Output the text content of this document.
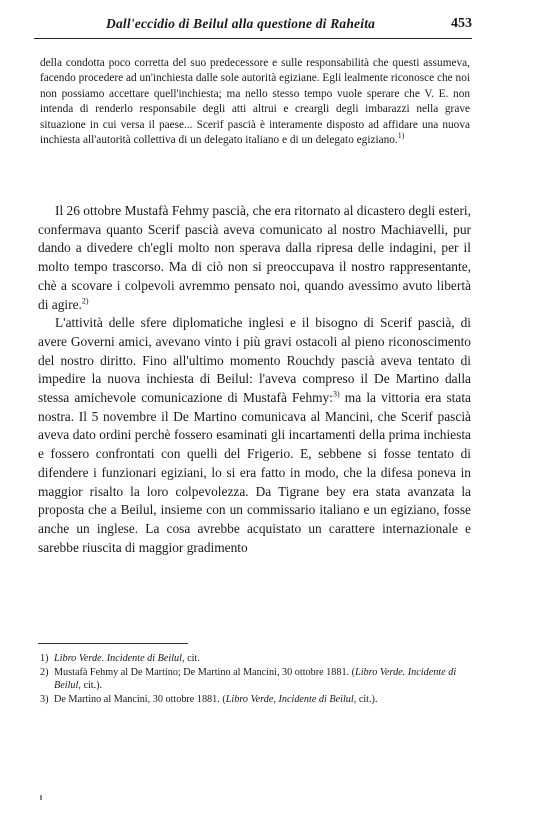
Dall'eccidio di Beilul alla questione di Raheita	453

della condotta poco corretta del suo predecessore e sulle responsabilità che questi assumeva, facendo procedere ad un'inchiesta dalle sole autorità egiziane. Egli lealmente riconosce che noi non possiamo accettare quell'inchiesta; ma nello stesso tempo vuole sperare che V. E. non intenda di renderlo responsabile degli atti altrui e creargli degli imbarazzi nella grave situazione in cui versa il paese... Scerif pascià è interamente disposto ad affidare una nuova inchiesta all'autorità collettiva di un delegato italiano e di un delegato egiziano.$^{1)}$

Il 26 ottobre Mustafà Fehmy pascià, che era ritornato al dicastero degli esteri, confermava quanto Scerif pascià aveva comunicato al nostro Machiavelli, pur dando a divedere ch'egli molto non sperava dalla ripresa delle indagini, per il molto tempo trascorso. Ma di ciò non si preoccupava il nostro rappresentante, chè a scovare i colpevoli avremmo pensato noi, quando avessimo avuto libertà di agire.$^{2)}$

L'attività delle sfere diplomatiche inglesi e il bisogno di Scerif pascià, di avere Governi amici, avevano vinto i più gravi ostacoli al pieno riconoscimento del nostro diritto. Fino all'ultimo momento Rouchdy pascià aveva tentato di impedire la nuova inchiesta di Beilul: l'aveva compreso il De Martino dalla stessa amichevole comunicazione di Mustafà Fehmy:$^{3)}$ ma la vittoria era stata nostra. Il 5 novembre il De Martino comunicava al Mancini, che Scerif pascià aveva dato ordini perchè fossero esaminati gli incartamenti della prima inchiesta e fossero confrontati con quelli del Frigerio. E, sebbene si fosse tentato di difendere i funzionari egiziani, lo si era fatto in modo, che la difesa poneva in maggior risalto la loro colpevolezza. Da Tigrane bey era stata avanzata la proposta che a Beilul, insieme con un commissario italiano e un egiziano, fosse anche un inglese. La cosa avrebbe acquistato un carattere internazionale e sarebbe riuscita di maggior gradimento

1) Libro Verde. Incidente di Beilul, cit.

2) Mustafà Fehmy al De Martino; De Martino al Mancini, 30 ottobre 1881. (Libro Verde. Incidente di Beilul, cit.).

3) De Martino al Mancini, 30 ottobre 1881. (Libro Verde, Incidente di Beilul, cit.).
